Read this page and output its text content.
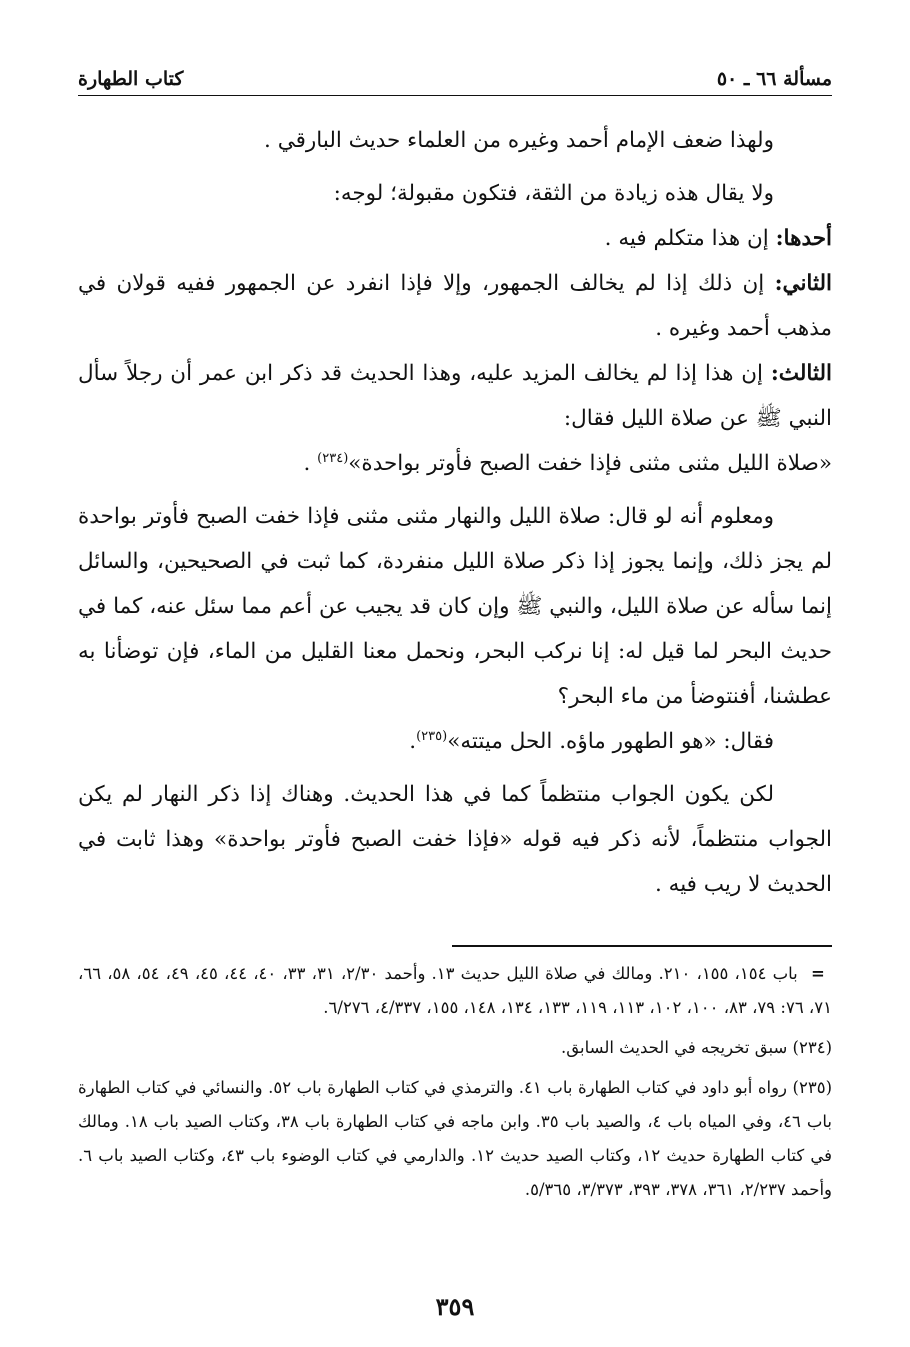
كتاب الطهارة	مسألة ٦٦ ـ ٥٠

ولهذا ضعف الإمام أحمد وغيره من العلماء حديث البارقي .

ولا يقال هذه زيادة من الثقة، فتكون مقبولة؛ لوجه:

أحدها: إن هذا متكلم فيه .

الثاني: إن ذلك إذا لم يخالف الجمهور، وإلا فإذا انفرد عن الجمهور ففيه قولان في مذهب أحمد وغيره .

الثالث: إن هذا إذا لم يخالف المزيد عليه، وهذا الحديث قد ذكر ابن عمر أن رجلاً سأل النبي ﷺ عن صلاة الليل فقال:

«صلاة الليل مثنى مثنى فإذا خفت الصبح فأوتر بواحدة»$^{(٢٣٤)}$ .

ومعلوم أنه لو قال: صلاة الليل والنهار مثنى مثنى فإذا خفت الصبح فأوتر بواحدة لم يجز ذلك، وإنما يجوز إذا ذكر صلاة الليل منفردة، كما ثبت في الصحيحين، والسائل إنما سأله عن صلاة الليل، والنبي ﷺ وإن كان قد يجيب عن أعم مما سئل عنه، كما في حديث البحر لما قيل له: إنا نركب البحر، ونحمل معنا القليل من الماء، فإن توضأنا به عطشنا، أفنتوضأ من ماء البحر؟

فقال: «هو الطهور ماؤه. الحل ميتته»$^{(٢٣٥)}$.

لكن يكون الجواب منتظماً كما في هذا الحديث. وهناك إذا ذكر النهار لم يكن الجواب منتظماً، لأنه ذكر فيه قوله «فإذا خفت الصبح فأوتر بواحدة» وهذا ثابت في الحديث لا ريب فيه .

= باب ١٥٤، ١٥٥، ٢١٠. ومالك في صلاة الليل حديث ١٣. وأحمد ٢/٣٠، ٣١، ٣٣، ٤٠، ٤٤، ٤٥، ٤٩، ٥٤، ٥٨، ٦٦، ٧١، ٧٦: ٧٩، ٨٣، ١٠٠، ١٠٢، ١١٣، ١١٩، ١٣٣، ١٣٤، ١٤٨، ١٥٥، ٤/٣٣٧، ٦/٢٧٦.

(٢٣٤) سبق تخريجه في الحديث السابق.

(٢٣٥) رواه أبو داود في كتاب الطهارة باب ٤١. والترمذي في كتاب الطهارة باب ٥٢. والنسائي في كتاب الطهارة باب ٤٦، وفي المياه باب ٤، والصيد باب ٣٥. وابن ماجه في كتاب الطهارة باب ٣٨، وكتاب الصيد باب ١٨. ومالك في كتاب الطهارة حديث ١٢، وكتاب الصيد حديث ١٢. والدارمي في كتاب الوضوء باب ٤٣، وكتاب الصيد باب ٦. وأحمد ٢/٢٣٧، ٣٦١، ٣٧٨، ٣٩٣، ٣/٣٧٣، ٥/٣٦٥.

٣٥٩
